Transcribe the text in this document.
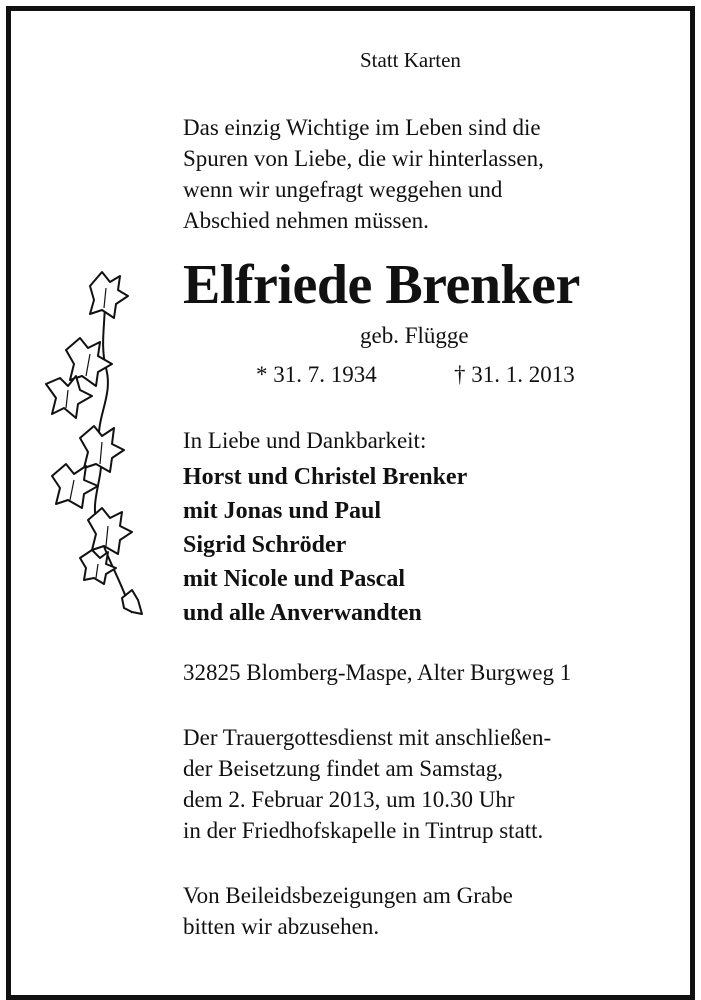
Statt Karten

Das einzig Wichtige im Leben sind die
Spuren von Liebe, die wir hinterlassen,
wenn wir ungefragt weggehen und
Abschied nehmen müssen.

Elfriede Brenker

geb. Flügge

* 31. 7. 1934	† 31. 1. 2013

In Liebe und Dankbarkeit:

Horst und Christel Brenker
mit Jonas und Paul
Sigrid Schröder
mit Nicole und Pascal
und alle Anverwandten

32825 Blomberg-Maspe, Alter Burgweg 1

Der Trauergottesdienst mit anschließen-
der Beisetzung findet am Samstag,
dem 2. Februar 2013, um 10.30 Uhr
in der Friedhofskapelle in Tintrup statt.
Von Beileidsbezeigungen am Grabe
bitten wir abzusehen.
